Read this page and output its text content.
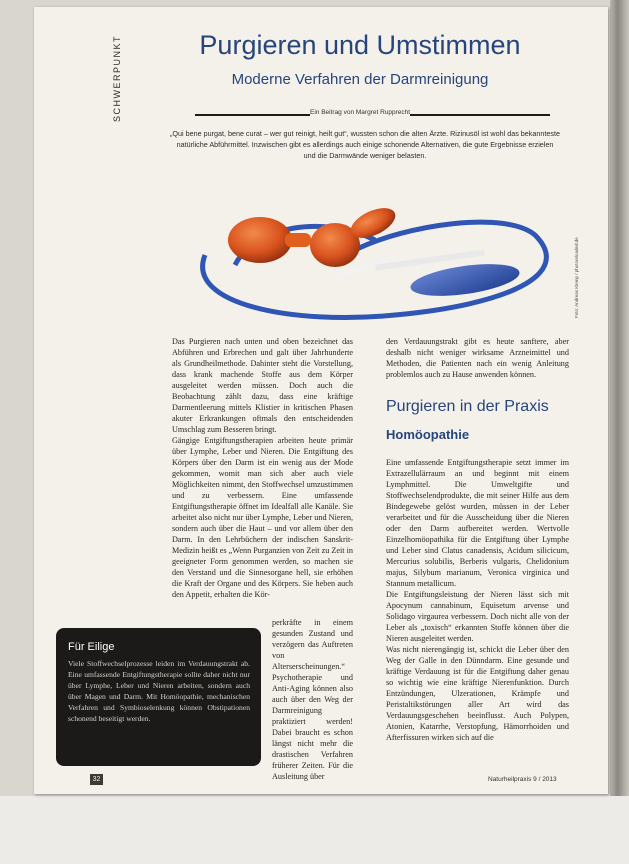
SCHWERPUNKT	Purgieren und Umstimmen
Moderne Verfahren der Darmreinigung
Ein Beitrag von Margret Rupprecht
„Qui bene purgat, bene curat – wer gut reinigt, heilt gut“, wussten schon die alten Ärzte. Rizinusöl ist wohl das bekannteste natürliche Abführmittel. Inzwischen gibt es allerdings auch einige schonende Alternativen, die gute Ergebnisse erzielen und die Darmwände weniger belasten.
Foto: Andreas Klemp / photoreloaded.de

Das Purgieren nach unten und oben bezeichnet das Abführen und Erbrechen und galt über Jahrhunderte als Grundheilmethode. Dahinter steht die Vorstellung, dass krank machende Stoffe aus dem Körper ausgeleitet werden müssen. Doch auch die Beobachtung zählt dazu, dass eine kräftige Darmentleerung mittels Klistier in kritischen Phasen akuter Erkrankungen oftmals den entscheidenden Umschlag zum Besseren bringt.

Gängige Entgiftungstherapien arbeiten heute primär über Lymphe, Leber und Nieren. Die Entgiftung des Körpers über den Darm ist ein wenig aus der Mode gekommen, womit man sich aber auch viele Möglichkeiten nimmt, den Stoffwechsel umzustimmen und zu verbessern. Eine umfassende Entgiftungstherapie öffnet im Idealfall alle Kanäle. Sie arbeitet also nicht nur über Lymphe, Leber und Nieren, sondern auch über die Haut – und vor allem über den Darm. In den Lehrbüchern der indischen Sanskrit-Medizin heißt es „Wenn Purganzien von Zeit zu Zeit in geeigneter Form genommen werden, so machen sie den Verstand und die Sinnesorgane hell, sie erhöhen die Kraft der Organe und des Körpers. Sie heben auch den Appetit, erhalten die Kör-

perkräfte in einem gesunden Zustand und verzögern das Auftreten von Alterserscheinungen.“ Psychotherapie und Anti-Aging können also auch über den Weg der Darmreinigung praktiziert werden! Dabei braucht es schon längst nicht mehr die drastischen Verfahren früherer Zeiten. Für die Ausleitung über
den Verdauungstrakt gibt es heute sanftere, aber deshalb nicht weniger wirksame Arzneimittel und Methoden, die Patienten nach ein wenig Anleitung problemlos auch zu Hause anwenden können.
Purgieren in der Praxis
Homöopathie

Eine umfassende Entgiftungstherapie setzt immer im Extrazellulärraum an und beginnt mit einem Lymphmittel. Die Umweltgifte und Stoffwechselendprodukte, die mit seiner Hilfe aus dem Bindegewebe gelöst wurden, müssen in der Leber verarbeitet und für die Ausscheidung über die Nieren oder den Darm aufbereitet werden. Wertvolle Einzelhomöopathika für die Entgiftung über Lymphe und Leber sind Clatus canadensis, Acidum silicicum, Mercurius solubilis, Berberis vulgaris, Chelidonium majus, Silybum marianum, Veronica virginica und Stannum metallicum.

Die Entgiftungsleistung der Nieren lässt sich mit Apocynum cannabinum, Equisetum arvense und Solidago virgaurea verbessern. Doch nicht alle von der Leber als „toxisch“ erkannten Stoffe können über die Nieren ausgeleitet werden.

Was nicht nierengängig ist, schickt die Leber über den Weg der Galle in den Dünndarm. Eine gesunde und kräftige Verdauung ist für die Entgiftung daher genau so wichtig wie eine kräftige Nierenfunktion. Durch Entzündungen, Ulzerationen, Krämpfe und Peristaltikstörungen aller Art wird das Verdauungsgeschehen beeinflusst. Auch Polypen, Atonien, Katarrhe, Verstopfung, Hämorrhoiden und Afterfissuren wirken sich auf die

Für Eilige
Viele Stoffwechselprozesse leiden im Verdauungstrakt ab. Eine umfassende Entgiftungstherapie sollte daher nicht nur über Lymphe, Leber und Nieren arbeiten, sondern auch über Magen und Darm. Mit Homöopathie, mechanischen Verfahren und Symbioselenkung können Obstipationen schonend beseitigt werden.
32	Naturheilpraxis 9 / 2013
